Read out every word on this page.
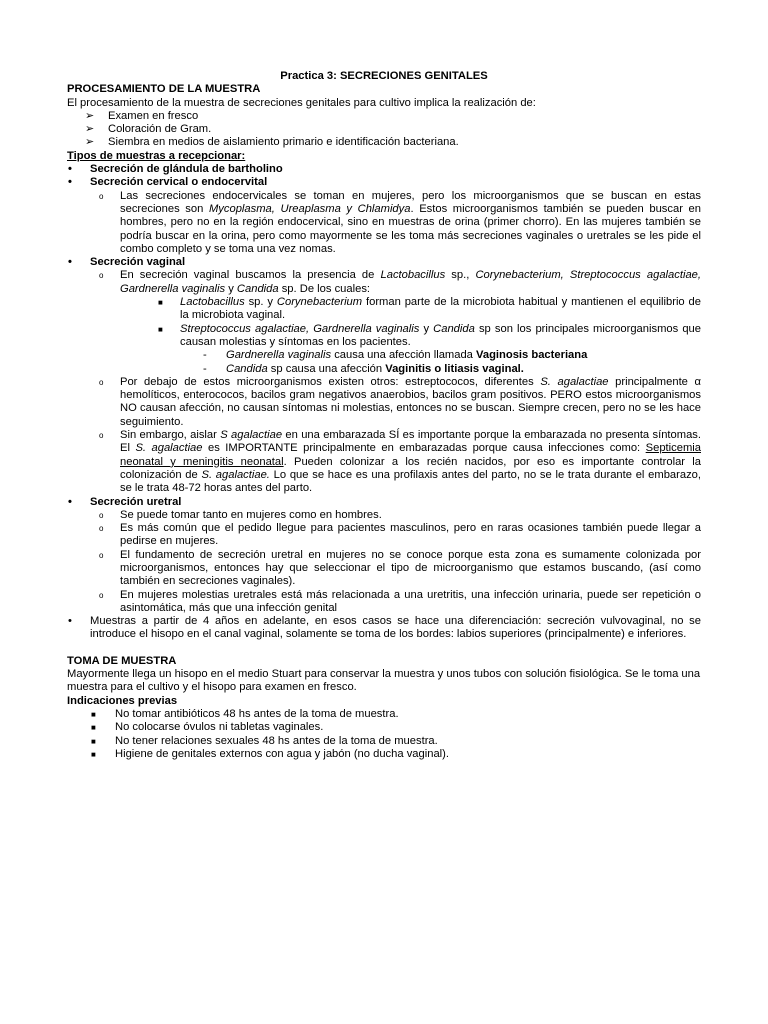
Practica 3: SECRECIONES GENITALES

PROCESAMIENTO DE LA MUESTRA

El procesamiento de la muestra de secreciones genitales para cultivo implica la realización de:

➢ Examen en fresco
➢ Coloración de Gram.
➢ Siembra en medios de aislamiento primario e identificación bacteriana.

Tipos de muestras a recepcionar:

• Secreción de glándula de bartholino
• Secreción cervical o endocervital
o Las secreciones endocervicales se toman en mujeres, pero los microorganismos que se buscan en estas secreciones son Mycoplasma, Ureaplasma y Chlamidya. Estos microorganismos también se pueden buscar en hombres, pero no en la región endocervical, sino en muestras de orina (primer chorro). En las mujeres también se podría buscar en la orina, pero como mayormente se les toma más secreciones vaginales o uretrales se les pide el combo completo y se toma una vez nomas.
• Secreción vaginal
o En secreción vaginal buscamos la presencia de Lactobacillus sp., Corynebacterium, Streptococcus agalactiae, Gardnerella vaginalis y Candida sp. De los cuales:
■ Lactobacillus sp. y Corynebacterium forman parte de la microbiota habitual y mantienen el equilibrio de la microbiota vaginal.
■ Streptococcus agalactiae, Gardnerella vaginalis y Candida sp son los principales microorganismos que causan molestias y síntomas en los pacientes.
- Gardnerella vaginalis causa una afección llamada Vaginosis bacteriana
- Candida sp causa una afección Vaginitis o litiasis vaginal.
o Por debajo de estos microorganismos existen otros: estreptococos, diferentes S. agalactiae principalmente α hemolíticos, enterococos, bacilos gram negativos anaerobios, bacilos gram positivos. PERO estos microorganismos NO causan afección, no causan síntomas ni molestias, entonces no se buscan. Siempre crecen, pero no se les hace seguimiento.
o Sin embargo, aislar S agalactiae en una embarazada SÍ es importante porque la embarazada no presenta síntomas. El S. agalactiae es IMPORTANTE principalmente en embarazadas porque causa infecciones como: Septicemia neonatal y meningitis neonatal. Pueden colonizar a los recién nacidos, por eso es importante controlar la colonización de S. agalactiae. Lo que se hace es una profilaxis antes del parto, no se le trata durante el embarazo, se le trata 48-72 horas antes del parto.
• Secreción uretral
o Se puede tomar tanto en mujeres como en hombres.
o Es más común que el pedido llegue para pacientes masculinos, pero en raras ocasiones también puede llegar a pedirse en mujeres.
o El fundamento de secreción uretral en mujeres no se conoce porque esta zona es sumamente colonizada por microorganismos, entonces hay que seleccionar el tipo de microorganismo que estamos buscando, (así como también en secreciones vaginales).
o En mujeres molestias uretrales está más relacionada a una uretritis, una infección urinaria, puede ser repetición o asintomática, más que una infección genital
• Muestras a partir de 4 años en adelante, en esos casos se hace una diferenciación: secreción vulvovaginal, no se introduce el hisopo en el canal vaginal, solamente se toma de los bordes: labios superiores (principalmente) e inferiores.

TOMA DE MUESTRA

Mayormente llega un hisopo en el medio Stuart para conservar la muestra y unos tubos con solución fisiológica. Se le toma una muestra para el cultivo y el hisopo para examen en fresco.

Indicaciones previas

■ No tomar antibióticos 48 hs antes de la toma de muestra.
■ No colocarse óvulos ni tabletas vaginales.
■ No tener relaciones sexuales 48 hs antes de la toma de muestra.
■ Higiene de genitales externos con agua y jabón (no ducha vaginal).
